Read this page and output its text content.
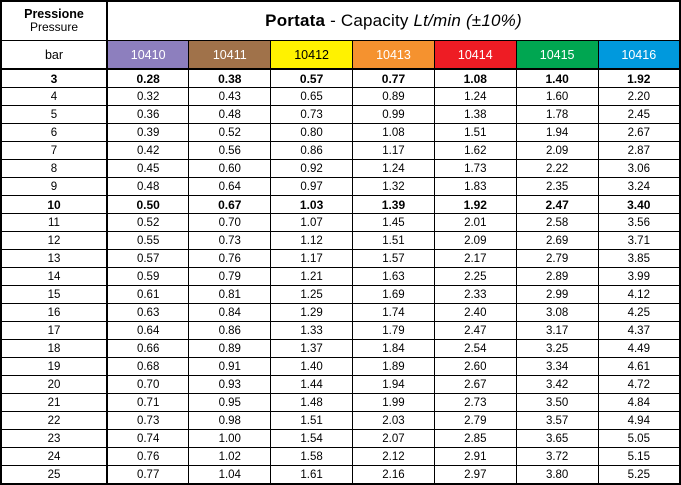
Pressione
Pressure	Portata - Capacity Lt/min (±10%)						
bar	10410	10411	10412	10413	10414	10415	10416
3	0.28	0.38	0.57	0.77	1.08	1.40	1.92
4	0.32	0.43	0.65	0.89	1.24	1.60	2.20
5	0.36	0.48	0.73	0.99	1.38	1.78	2.45
6	0.39	0.52	0.80	1.08	1.51	1.94	2.67
7	0.42	0.56	0.86	1.17	1.62	2.09	2.87
8	0.45	0.60	0.92	1.24	1.73	2.22	3.06
9	0.48	0.64	0.97	1.32	1.83	2.35	3.24
10	0.50	0.67	1.03	1.39	1.92	2.47	3.40
11	0.52	0.70	1.07	1.45	2.01	2.58	3.56
12	0.55	0.73	1.12	1.51	2.09	2.69	3.71
13	0.57	0.76	1.17	1.57	2.17	2.79	3.85
14	0.59	0.79	1.21	1.63	2.25	2.89	3.99
15	0.61	0.81	1.25	1.69	2.33	2.99	4.12
16	0.63	0.84	1.29	1.74	2.40	3.08	4.25
17	0.64	0.86	1.33	1.79	2.47	3.17	4.37
18	0.66	0.89	1.37	1.84	2.54	3.25	4.49
19	0.68	0.91	1.40	1.89	2.60	3.34	4.61
20	0.70	0.93	1.44	1.94	2.67	3.42	4.72
21	0.71	0.95	1.48	1.99	2.73	3.50	4.84
22	0.73	0.98	1.51	2.03	2.79	3.57	4.94
23	0.74	1.00	1.54	2.07	2.85	3.65	5.05
24	0.76	1.02	1.58	2.12	2.91	3.72	5.15
25	0.77	1.04	1.61	2.16	2.97	3.80	5.25
